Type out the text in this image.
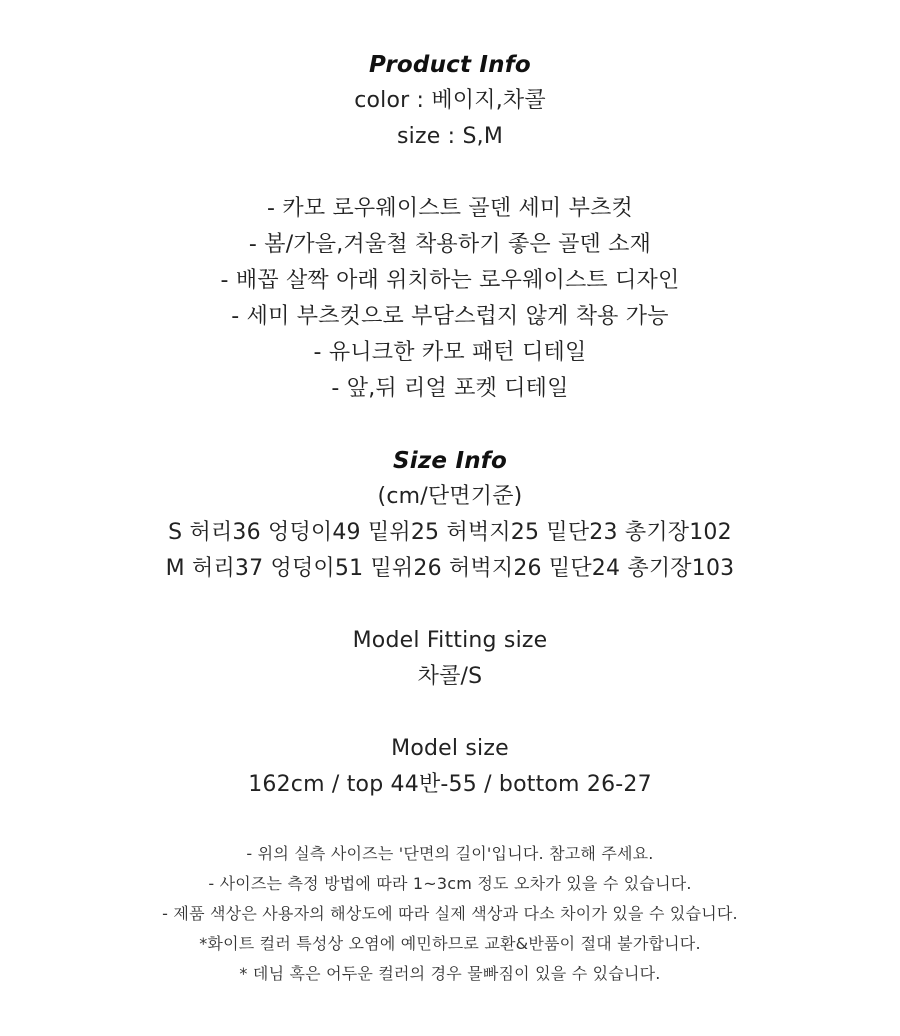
Product Info
color : 베이지,차콜
size : S,M
- 카모 로우웨이스트 골덴 세미 부츠컷
- 봄/가을,겨울철 착용하기 좋은 골덴 소재
- 배꼽 살짝 아래 위치하는 로우웨이스트 디자인
- 세미 부츠컷으로 부담스럽지 않게 착용 가능
- 유니크한 카모 패턴 디테일
- 앞,뒤 리얼 포켓 디테일
Size Info
(cm/단면기준)
S 허리36 엉덩이49 밑위25 허벅지25 밑단23 총기장102
M 허리37 엉덩이51 밑위26 허벅지26 밑단24 총기장103
Model Fitting size
차콜/S
Model size
162cm / top 44반-55 / bottom 26-27
- 위의 실측 사이즈는 '단면의 길이'입니다. 참고해 주세요.
- 사이즈는 측정 방법에 따라 1~3cm 정도 오차가 있을 수 있습니다.
- 제품 색상은 사용자의 해상도에 따라 실제 색상과 다소 차이가 있을 수 있습니다.
*화이트 컬러 특성상 오염에 예민하므로 교환&반품이 절대 불가합니다.
* 데님 혹은 어두운 컬러의 경우 물빠짐이 있을 수 있습니다.
